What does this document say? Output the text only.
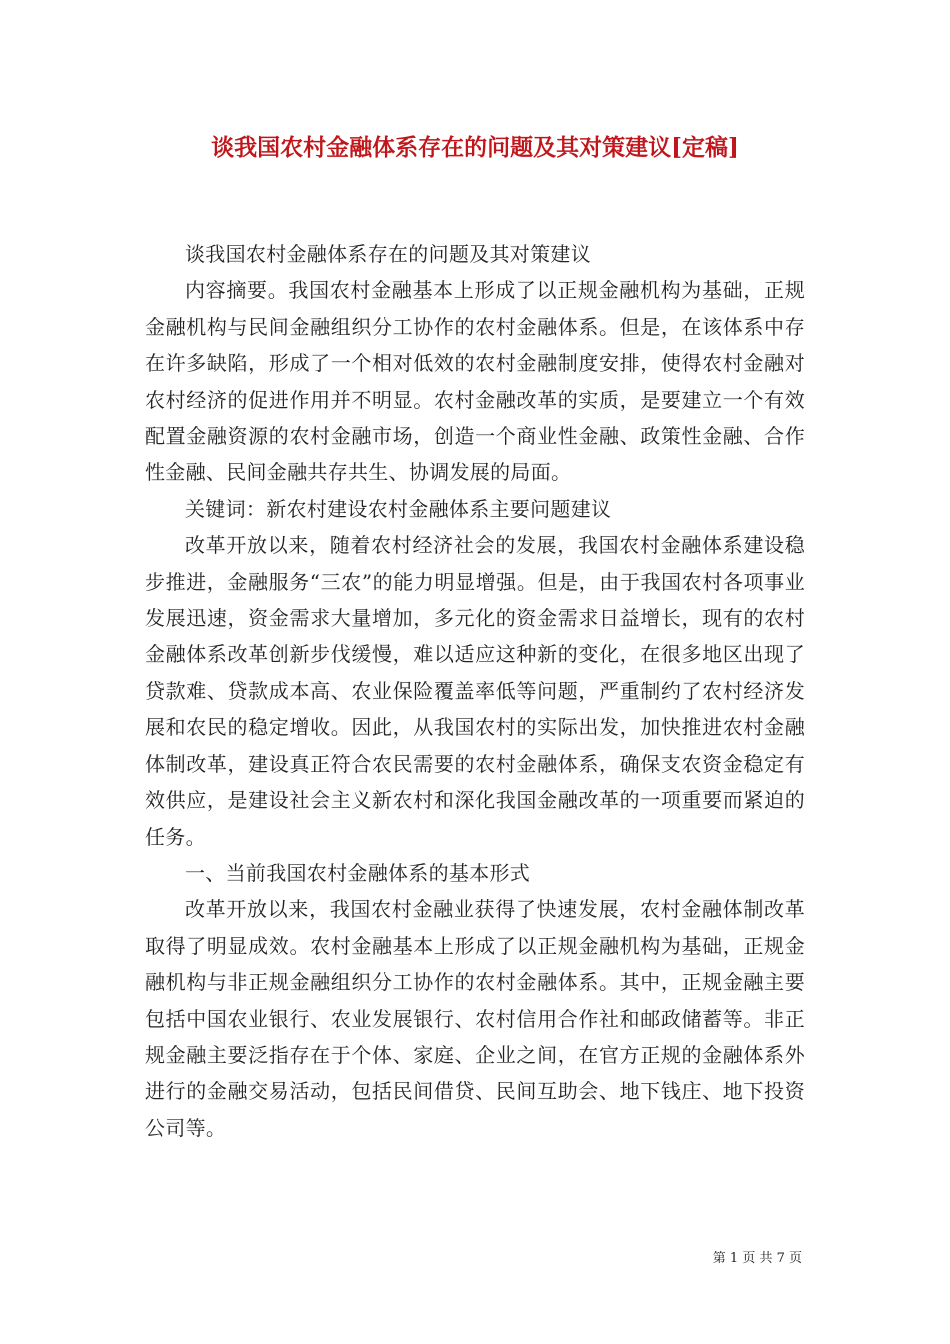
谈我国农村金融体系存在的问题及其对策建议[定稿]

谈我国农村金融体系存在的问题及其对策建议

内容摘要。我国农村金融基本上形成了以正规金融机构为基础，正规金融机构与民间金融组织分工协作的农村金融体系。但是，在该体系中存在许多缺陷，形成了一个相对低效的农村金融制度安排，使得农村金融对农村经济的促进作用并不明显。农村金融改革的实质，是要建立一个有效配置金融资源的农村金融市场，创造一个商业性金融、政策性金融、合作性金融、民间金融共存共生、协调发展的局面。

关键词：新农村建设农村金融体系主要问题建议

改革开放以来，随着农村经济社会的发展，我国农村金融体系建设稳步推进，金融服务“三农”的能力明显增强。但是，由于我国农村各项事业发展迅速，资金需求大量增加，多元化的资金需求日益增长，现有的农村金融体系改革创新步伐缓慢，难以适应这种新的变化，在很多地区出现了贷款难、贷款成本高、农业保险覆盖率低等问题，严重制约了农村经济发展和农民的稳定增收。因此，从我国农村的实际出发，加快推进农村金融体制改革，建设真正符合农民需要的农村金融体系，确保支农资金稳定有效供应，是建设社会主义新农村和深化我国金融改革的一项重要而紧迫的任务。

一、当前我国农村金融体系的基本形式

改革开放以来，我国农村金融业获得了快速发展，农村金融体制改革取得了明显成效。农村金融基本上形成了以正规金融机构为基础，正规金融机构与非正规金融组织分工协作的农村金融体系。其中，正规金融主要包括中国农业银行、农业发展银行、农村信用合作社和邮政储蓄等。非正规金融主要泛指存在于个体、家庭、企业之间，在官方正规的金融体系外进行的金融交易活动，包括民间借贷、民间互助会、地下钱庄、地下投资公司等。

第 1 页 共 7 页
